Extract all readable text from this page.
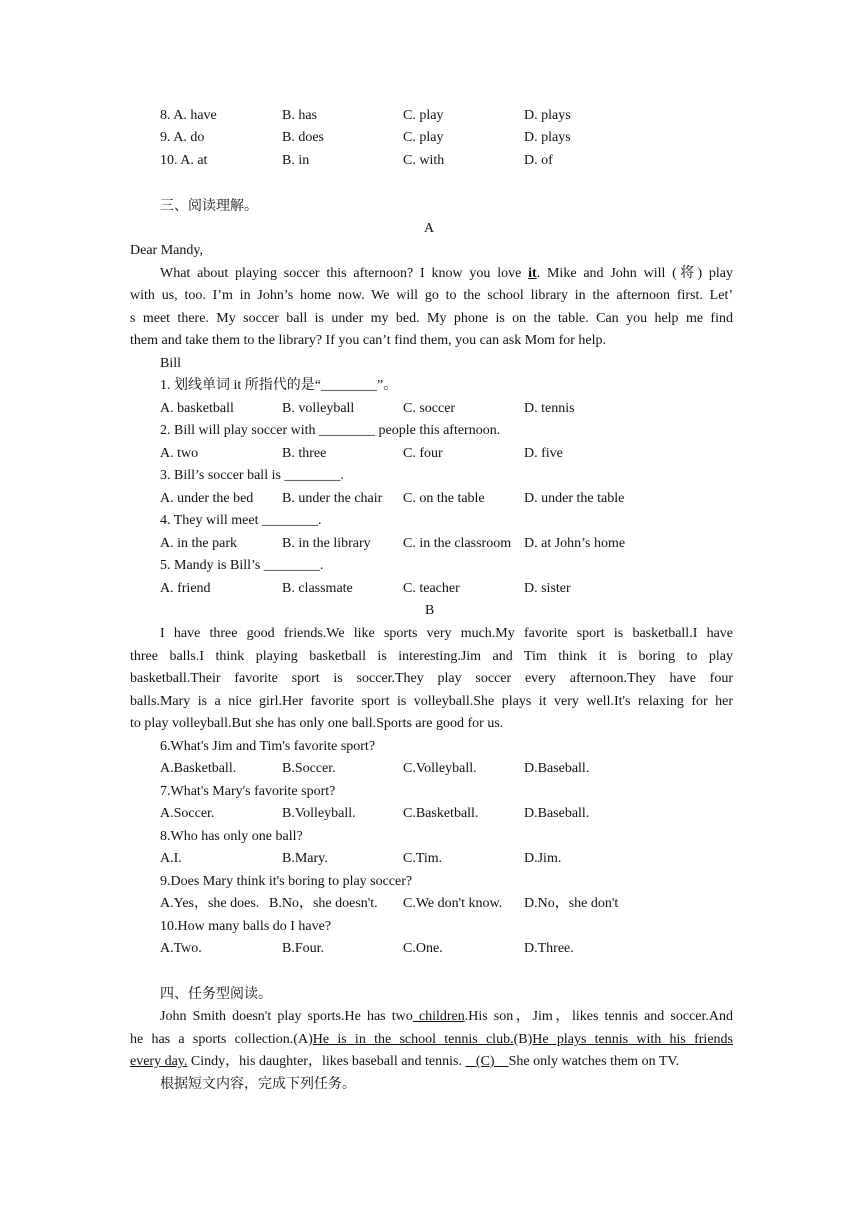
8. A. have	B. has	C. play	D. plays
9. A. do	B. does	C. play	D. plays
10. A. at	B. in	C. with	D. of
三、阅读理解。
A
Dear Mandy,
What about playing soccer this afternoon? I know you love it. Mike and John will (将) play
with us, too. I’m in John’s home now. We will go to the school library in the afternoon first. Let’
s meet there. My soccer ball is under my bed. My phone is on the table. Can you help me find
them and take them to the library? If you can’t find them, you can ask Mom for help.
Bill
1. 划线单词 it 所指代的是“________”。
A. basketball	B. volleyball	C. soccer	D. tennis
2. Bill will play soccer with ________ people this afternoon.
A. two	B. three	C. four	D. five
3. Bill’s soccer ball is ________.
A. under the bed B. under the chair C. on the table	D. under the table
4. They will meet ________.
A. in the park	B. in the library C. in the classroom D. at John’s home
5. Mandy is Bill’s ________.
A. friend	B. classmate	C. teacher	D. sister
B
I have three good friends.We like sports very much.My favorite sport is basketball.I have
three balls.I think playing basketball is interesting.Jim and Tim think it is boring to play
basketball.Their favorite sport is soccer.They play soccer every afternoon.They have four
balls.Mary is a nice girl.Her favorite sport is volleyball.She plays it very well.It's relaxing for her
to play volleyball.But she has only one ball.Sports are good for us.
6.What's Jim and Tim's favorite sport?
A.Basketball.	B.Soccer.	C.Volleyball.	D.Baseball.
7.What's Mary's favorite sport?
A.Soccer.	B.Volleyball.	C.Basketball.	D.Baseball.
8.Who has only one ball?
A.I.	B.Mary.	C.Tim.	D.Jim.
9.Does Mary think it's boring to play soccer?
A.Yes，she does. B.No，she doesn't. C.We don't know. D.No，she don't
10.How many balls do I have?
A.Two.	B.Four.	C.One.	D.Three.
四、任务型阅读。
John Smith doesn't play sports.He has two children.His son，Jim，likes tennis and soccer.And
he has a sports collection.(A)He is in the school tennis club.(B)He plays tennis with his friends
every day. Cindy，his daughter，likes baseball and tennis.    (C)    She only watches them on TV.
根据短文内容，完成下列任务。
